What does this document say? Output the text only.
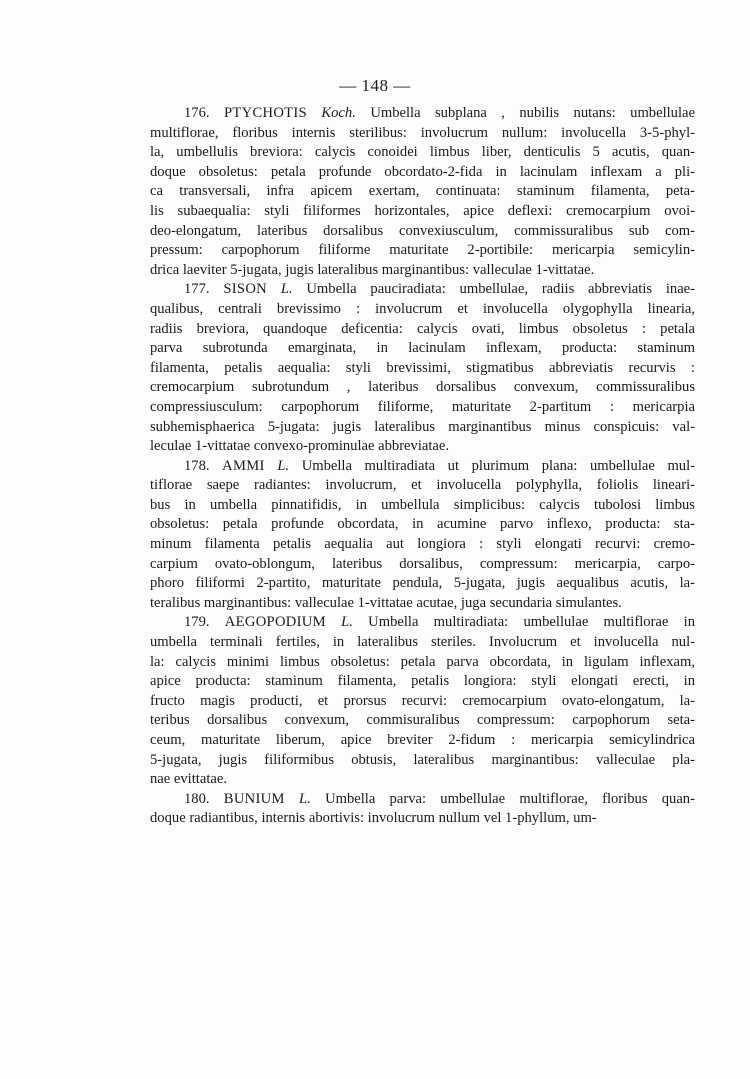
— 148 —
176. PTYCHOTIS Koch. Umbella subplana , nubilis nutans: umbellulae
multiflorae, floribus internis sterilibus: involucrum nullum: involucella 3-5-phyl-
la, umbellulis breviora: calycis conoidei limbus liber, denticulis 5 acutis, quan-
doque obsoletus: petala profunde obcordato-2-fida in lacinulam inflexam a pli-
ca transversali, infra apicem exertam, continuata: staminum filamenta, peta-
lis subaequalia: styli filiformes horizontales, apice deflexi: cremocarpium ovoi-
deo-elongatum, lateribus dorsalibus convexiusculum, commissuralibus sub com-
pressum: carpophorum filiforme maturitate 2-portibile: mericarpia semicylin-
drica laeviter 5-jugata, jugis lateralibus marginantibus: valleculae 1-vittatae.
177. SISON L. Umbella pauciradiata: umbellulae, radiis abbreviatis inae-
qualibus, centrali brevissimo : involucrum et involucella olygophylla linearia,
radiis breviora, quandoque deficentia: calycis ovati, limbus obsoletus : petala
parva subrotunda emarginata, in lacinulam inflexam, producta: staminum
filamenta, petalis aequalia: styli brevissimi, stigmatibus abbreviatis recurvis :
cremocarpium subrotundum , lateribus dorsalibus convexum, commissuralibus
compressiusculum: carpophorum filiforme, maturitate 2-partitum : mericarpia
subhemisphaerica 5-jugata: jugis lateralibus marginantibus minus conspicuis: val-
leculae 1-vittatae convexo-prominulae abbreviatae.
178. AMMI L. Umbella multiradiata ut plurimum plana: umbellulae mul-
tiflorae saepe radiantes: involucrum, et involucella polyphylla, foliolis lineari-
bus in umbella pinnatifidis, in umbellula simplicibus: calycis tubolosi limbus
obsoletus: petala profunde obcordata, in acumine parvo inflexo, producta: sta-
minum filamenta petalis aequalia aut longiora : styli elongati recurvi: cremo-
carpium ovato-oblongum, lateribus dorsalibus, compressum: mericarpia, carpo-
phoro filiformi 2-partito, maturitate pendula, 5-jugata, jugis aequalibus acutis, la-
teralibus marginantibus: valleculae 1-vittatae acutae, juga secundaria simulantes.
179. AEGOPODIUM L. Umbella multiradiata: umbellulae multiflorae in
umbella terminali fertiles, in lateralibus steriles. Involucrum et involucella nul-
la: calycis minimi limbus obsoletus: petala parva obcordata, in ligulam inflexam,
apice producta: staminum filamenta, petalis longiora: styli elongati erecti, in
fructo magis producti, et prorsus recurvi: cremocarpium ovato-elongatum, la-
teribus dorsalibus convexum, commisuralibus compressum: carpophorum seta-
ceum, maturitate liberum, apice breviter 2-fidum : mericarpia semicylindrica
5-jugata, jugis filiformibus obtusis, lateralibus marginantibus: valleculae pla-
nae evittatae.
180. BUNIUM L. Umbella parva: umbellulae multiflorae, floribus quan-
doque radiantibus, internis abortivis: involucrum nullum vel 1-phyllum, um-
